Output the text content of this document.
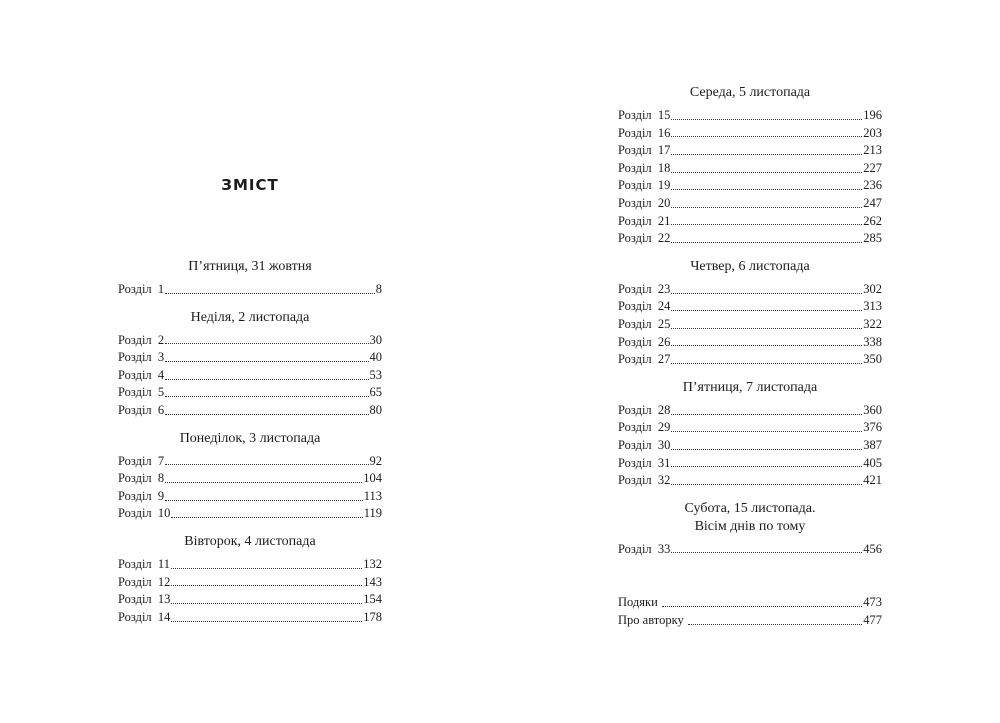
ЗМІСТ
П’ятниця, 31 жовтня
Розділ  1	8
Неділя, 2 листопада
Розділ  2	30
Розділ  3	40
Розділ  4	53
Розділ  5	65
Розділ  6	80
Понеділок, 3 листопада
Розділ  7	92
Розділ  8	104
Розділ  9	113
Розділ  10	119
Вівторок, 4 листопада
Розділ  11	132
Розділ  12	143
Розділ  13	154
Розділ  14	178
Середа, 5 листопада
Розділ  15	196
Розділ  16	203
Розділ  17	213
Розділ  18	227
Розділ  19	236
Розділ  20	247
Розділ  21	262
Розділ  22	285
Четвер, 6 листопада
Розділ  23	302
Розділ  24	313
Розділ  25	322
Розділ  26	338
Розділ  27	350
П’ятниця, 7 листопада
Розділ  28	360
Розділ  29	376
Розділ  30	387
Розділ  31	405
Розділ  32	421
Субота, 15 листопада.
Вісім днів по тому
Розділ  33	456
Подяки	473
Про авторку	477
